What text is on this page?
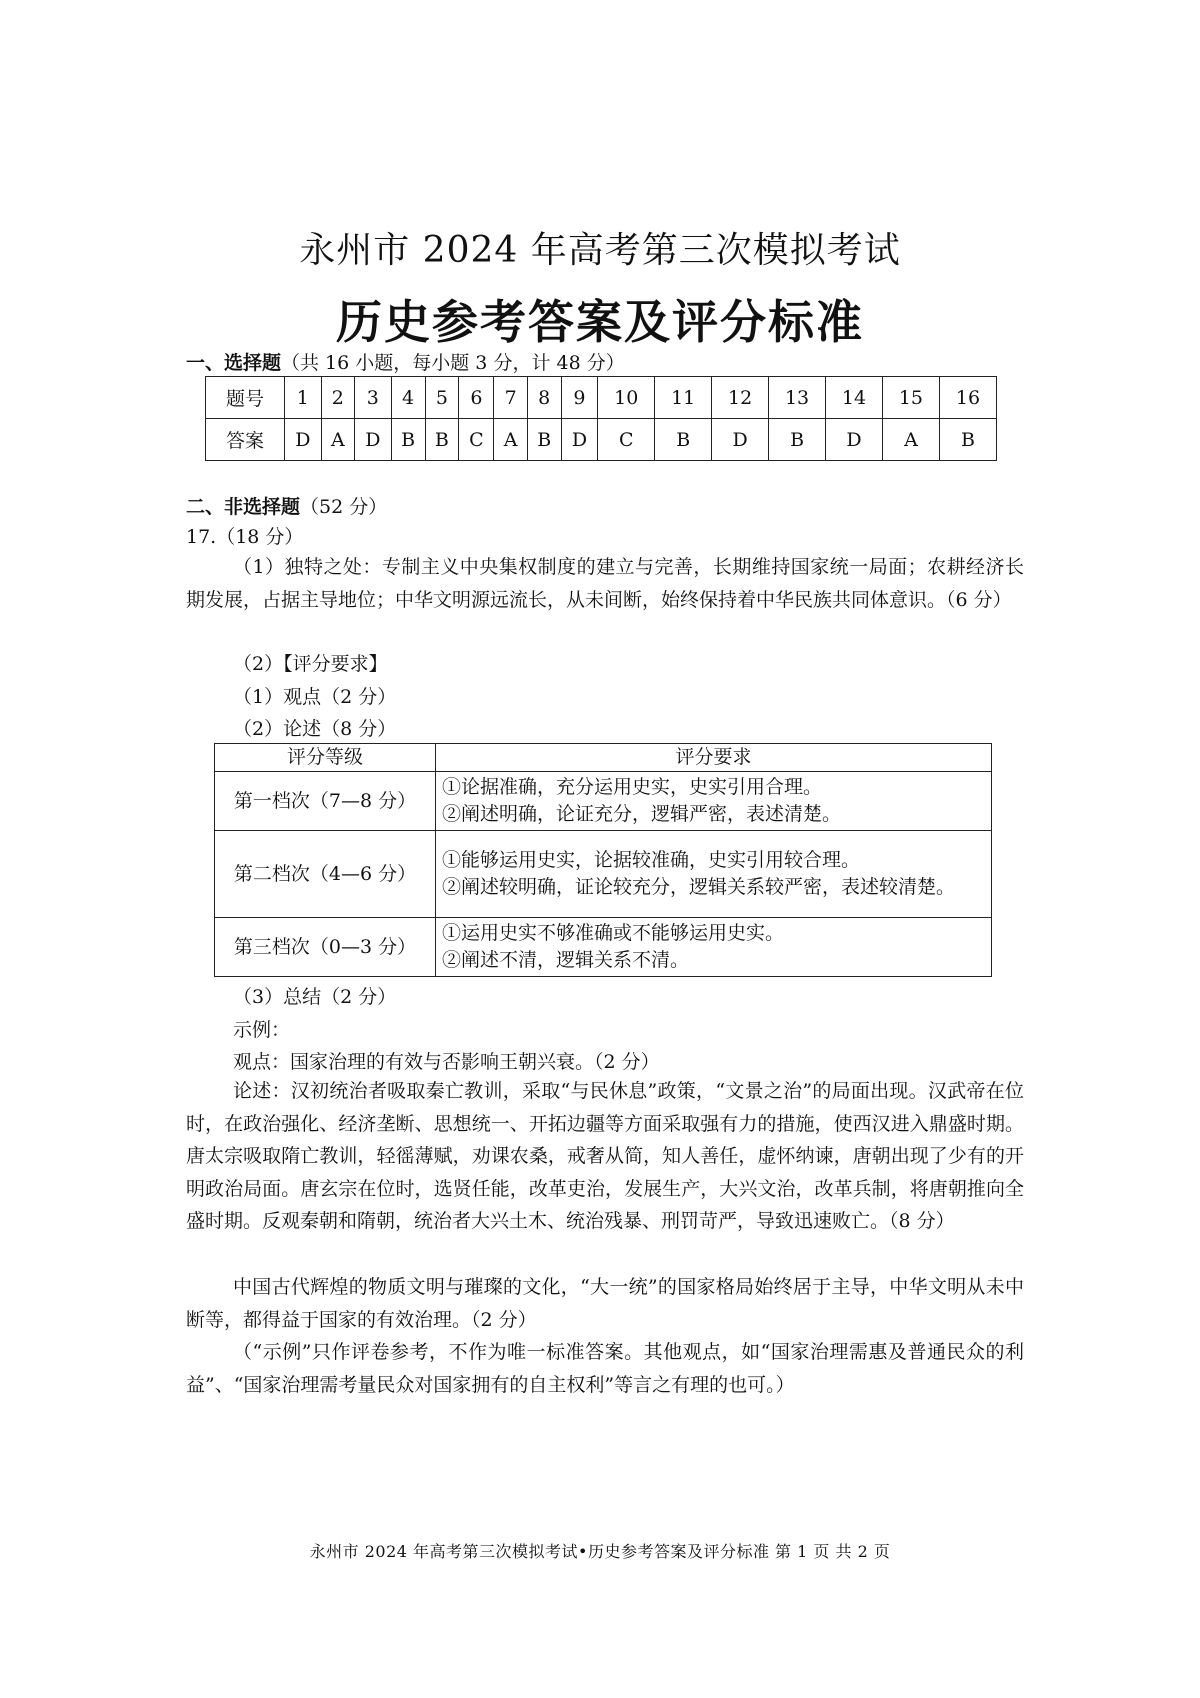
永州市 2024 年高考第三次模拟考试
历史参考答案及评分标准
一、选择题（共 16 小题，每小题 3 分，计 48 分）
题号	1	2	3	4	5	6	7	8	9	10	11	12	13	14	15	16
答案	D	A	D	B	B	C	A	B	D	C	B	D	B	D	A	B
二、非选择题（52 分）
17.（18 分）
（1）独特之处：专制主义中央集权制度的建立与完善，长期维持国家统一局面；农耕经济长期发展，占据主导地位；中华文明源远流长，从未间断，始终保持着中华民族共同体意识。（6 分）
（2）【评分要求】
（1）观点（2 分）
（2）论述（8 分）
评分等级	评分要求
第一档次（7—8 分）	①论据准确，充分运用史实，史实引用合理。
②阐述明确，论证充分，逻辑严密，表述清楚。

第二档次（4—6 分）	①能够运用史实，论据较准确，史实引用较合理。
②阐述较明确，证论较充分，逻辑关系较严密，表述较清楚。

第三档次（0—3 分）	①运用史实不够准确或不能够运用史实。
②阐述不清，逻辑关系不清。
（3）总结（2 分）
示例：
观点：国家治理的有效与否影响王朝兴衰。（2 分）
论述：汉初统治者吸取秦亡教训，采取“与民休息”政策，“文景之治”的局面出现。汉武帝在位时，在政治强化、经济垄断、思想统一、开拓边疆等方面采取强有力的措施，使西汉进入鼎盛时期。唐太宗吸取隋亡教训，轻徭薄赋，劝课农桑，戒奢从简，知人善任，虚怀纳谏，唐朝出现了少有的开明政治局面。唐玄宗在位时，选贤任能，改革吏治，发展生产，大兴文治，改革兵制，将唐朝推向全盛时期。反观秦朝和隋朝，统治者大兴土木、统治残暴、刑罚苛严，导致迅速败亡。（8 分）
中国古代辉煌的物质文明与璀璨的文化，“大一统”的国家格局始终居于主导，中华文明从未中断等，都得益于国家的有效治理。（2 分）
（“示例”只作评卷参考，不作为唯一标准答案。其他观点，如“国家治理需惠及普通民众的利益”、“国家治理需考量民众对国家拥有的自主权利”等言之有理的也可。）
永州市 2024 年高考第三次模拟考试•历史参考答案及评分标准 第 1 页 共 2 页
